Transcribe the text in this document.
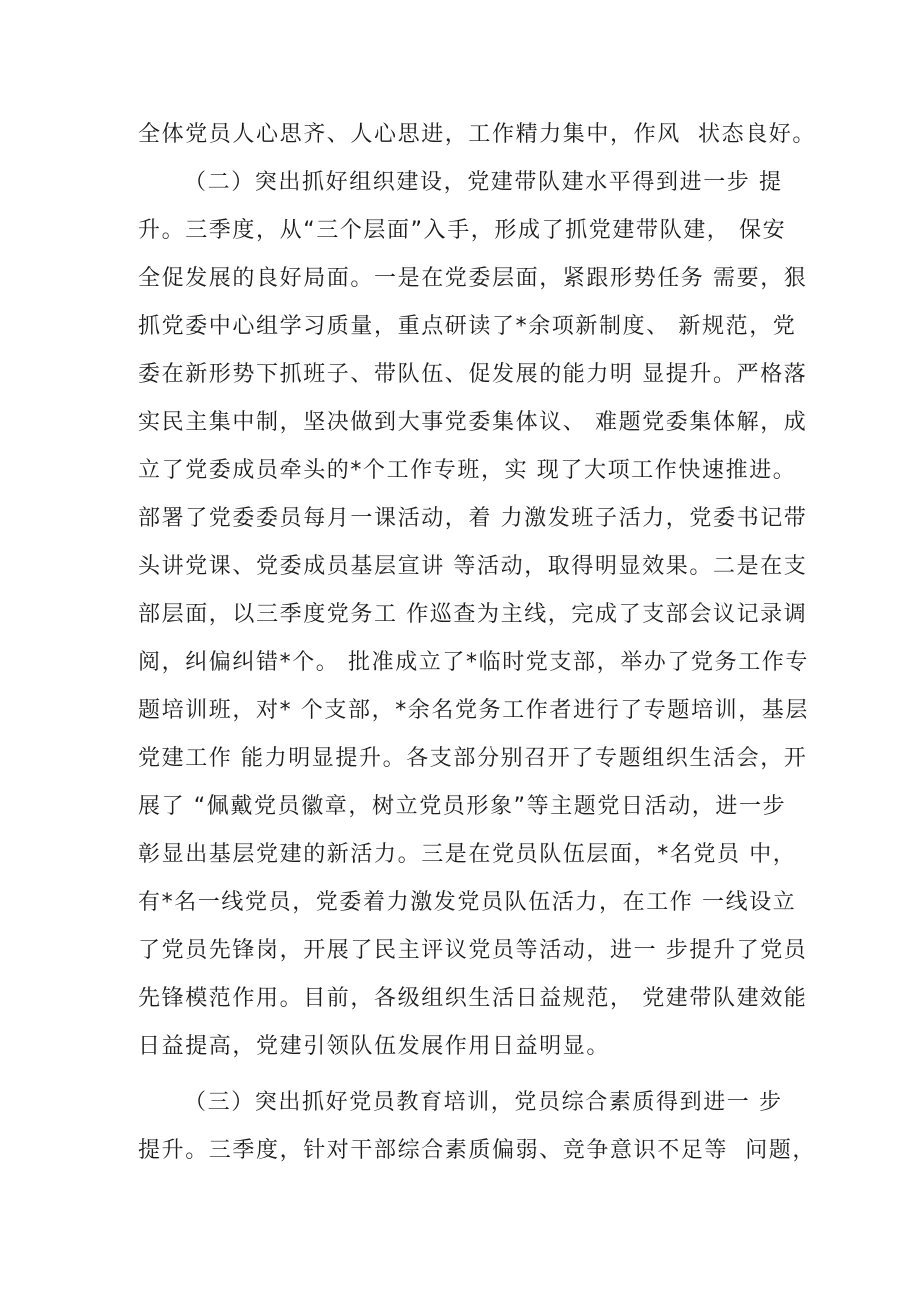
全体党员人心思齐、人心思进，工作精力集中，作风  状态良好。
（二）突出抓好组织建设，党建带队建水平得到进一步 提
升。三季度，从“三个层面”入手，形成了抓党建带队建， 保安
全促发展的良好局面。一是在党委层面，紧跟形势任务 需要，狠
抓党委中心组学习质量，重点研读了*余项新制度、 新规范，党
委在新形势下抓班子、带队伍、促发展的能力明 显提升。严格落
实民主集中制，坚决做到大事党委集体议、 难题党委集体解，成
立了党委成员牵头的*个工作专班，实 现了大项工作快速推进。
部署了党委委员每月一课活动，着 力激发班子活力，党委书记带
头讲党课、党委成员基层宣讲 等活动，取得明显效果。二是在支
部层面，以三季度党务工 作巡查为主线，完成了支部会议记录调
阅，纠偏纠错*个。 批准成立了*临时党支部，举办了党务工作专
题培训班，对* 个支部，*余名党务工作者进行了专题培训，基层
党建工作 能力明显提升。各支部分别召开了专题组织生活会，开
展了 “佩戴党员徽章，树立党员形象”等主题党日活动，进一步
彰显出基层党建的新活力。三是在党员队伍层面，*名党员 中，
有*名一线党员，党委着力激发党员队伍活力，在工作 一线设立
了党员先锋岗，开展了民主评议党员等活动，进一 步提升了党员
先锋模范作用。目前，各级组织生活日益规范， 党建带队建效能
日益提高，党建引领队伍发展作用日益明显。
（三）突出抓好党员教育培训，党员综合素质得到进一 步
提升。三季度，针对干部综合素质偏弱、竞争意识不足等  问题，
